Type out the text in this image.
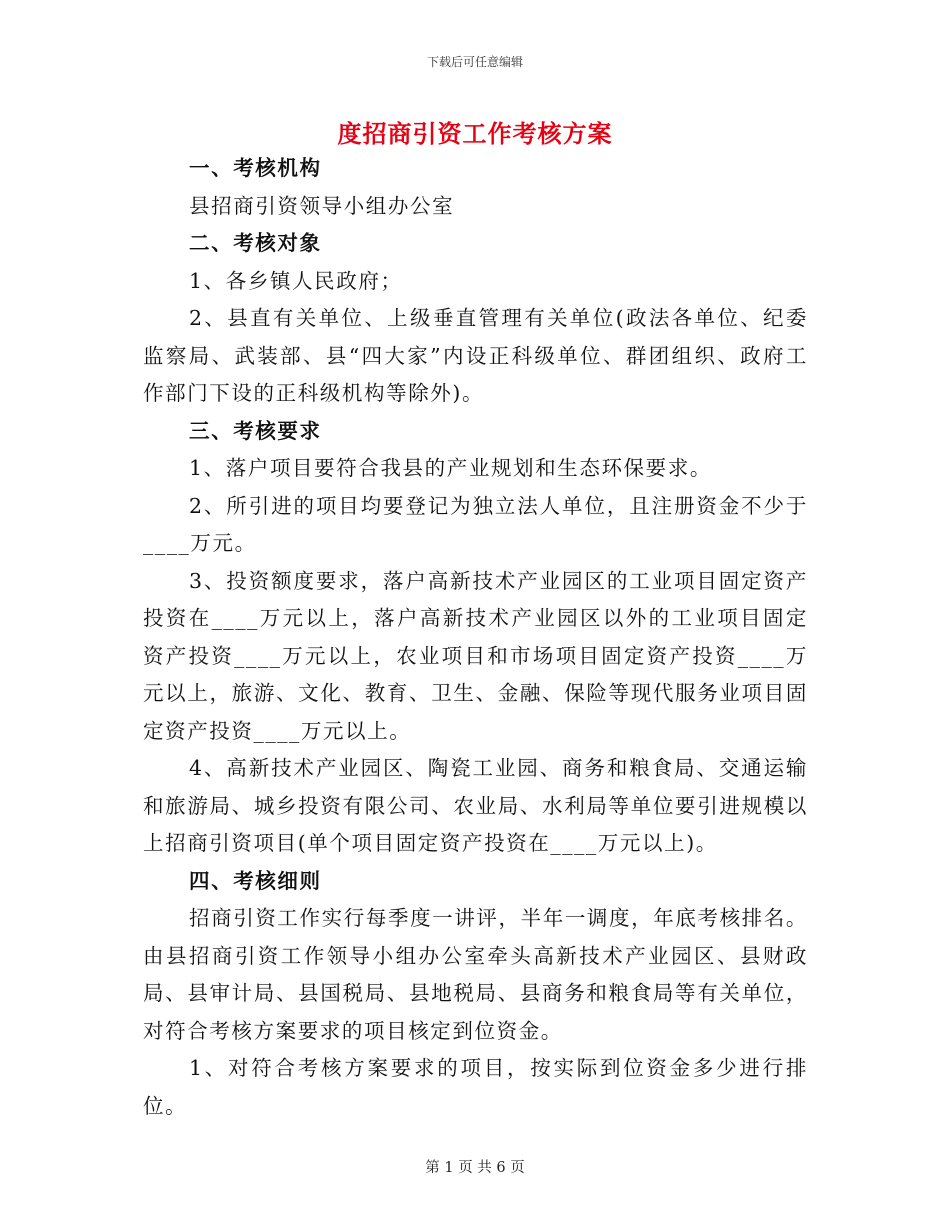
下载后可任意编辑
度招商引资工作考核方案

一、考核机构

县招商引资领导小组办公室

二、考核对象

1、各乡镇人民政府；

2、县直有关单位、上级垂直管理有关单位(政法各单位、纪委监察局、武装部、县“四大家”内设正科级单位、群团组织、政府工作部门下设的正科级机构等除外)。

三、考核要求

1、落户项目要符合我县的产业规划和生态环保要求。

2、所引进的项目均要登记为独立法人单位，且注册资金不少于____万元。

3、投资额度要求，落户高新技术产业园区的工业项目固定资产投资在____万元以上，落户高新技术产业园区以外的工业项目固定资产投资____万元以上，农业项目和市场项目固定资产投资____万元以上，旅游、文化、教育、卫生、金融、保险等现代服务业项目固定资产投资____万元以上。

4、高新技术产业园区、陶瓷工业园、商务和粮食局、交通运输和旅游局、城乡投资有限公司、农业局、水利局等单位要引进规模以上招商引资项目(单个项目固定资产投资在____万元以上)。

四、考核细则

招商引资工作实行每季度一讲评，半年一调度，年底考核排名。由县招商引资工作领导小组办公室牵头高新技术产业园区、县财政局、县审计局、县国税局、县地税局、县商务和粮食局等有关单位，对符合考核方案要求的项目核定到位资金。

1、对符合考核方案要求的项目，按实际到位资金多少进行排位。

第 1 页 共 6 页
